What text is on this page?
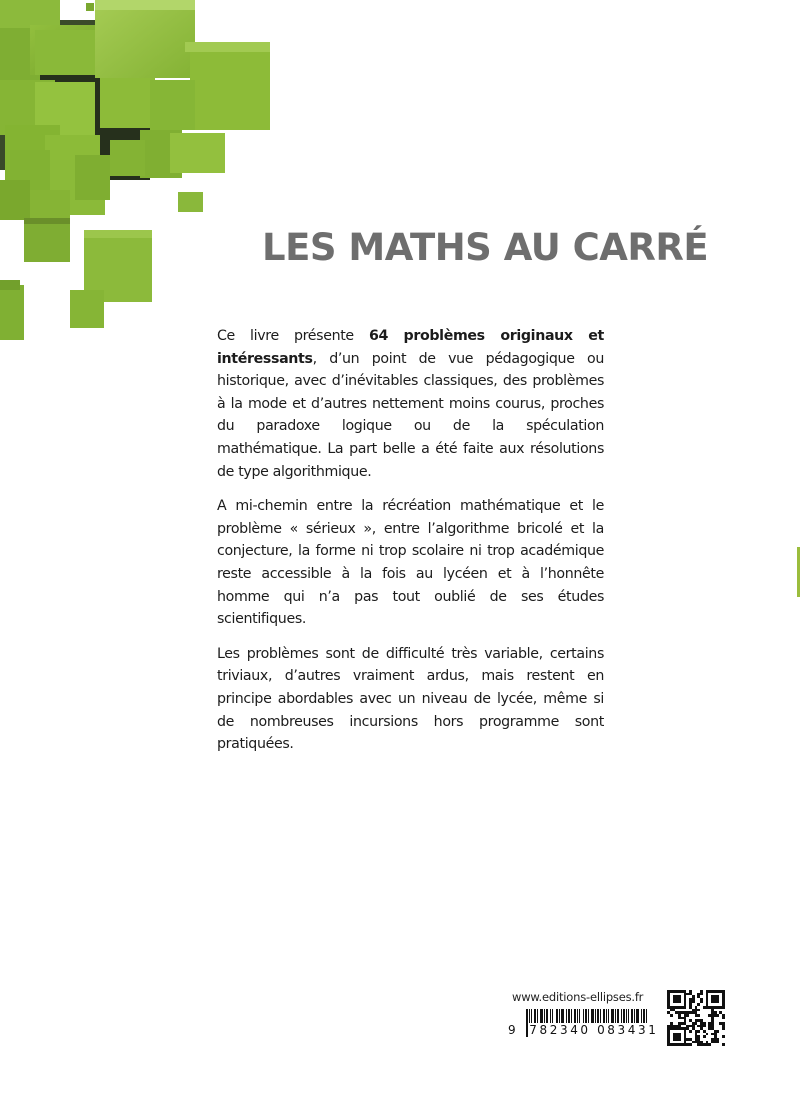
LES MATHS AU CARRÉ

Ce livre présente 64 problèmes originaux et intéressants, d’un point de vue pédagogique ou historique, avec d’inévitables classiques, des problèmes à la mode et d’autres nettement moins courus, proches du paradoxe logique ou de la spéculation mathématique. La part belle a été faite aux résolutions de type algorithmique.

A mi-chemin entre la récréation mathématique et le problème « sérieux », entre l’algorithme bricolé et la conjecture, la forme ni trop scolaire ni trop académique reste accessible à la fois au lycéen et à l’honnête homme qui n’a pas tout oublié de ses études scientifiques.

Les problèmes sont de difficulté très variable, certains triviaux, d’autres vraiment ardus, mais restent en principe abordables avec un niveau de lycée, même si de nombreuses incursions hors programme sont pratiquées.

www.editions-ellipses.fr
9 782340 083431
